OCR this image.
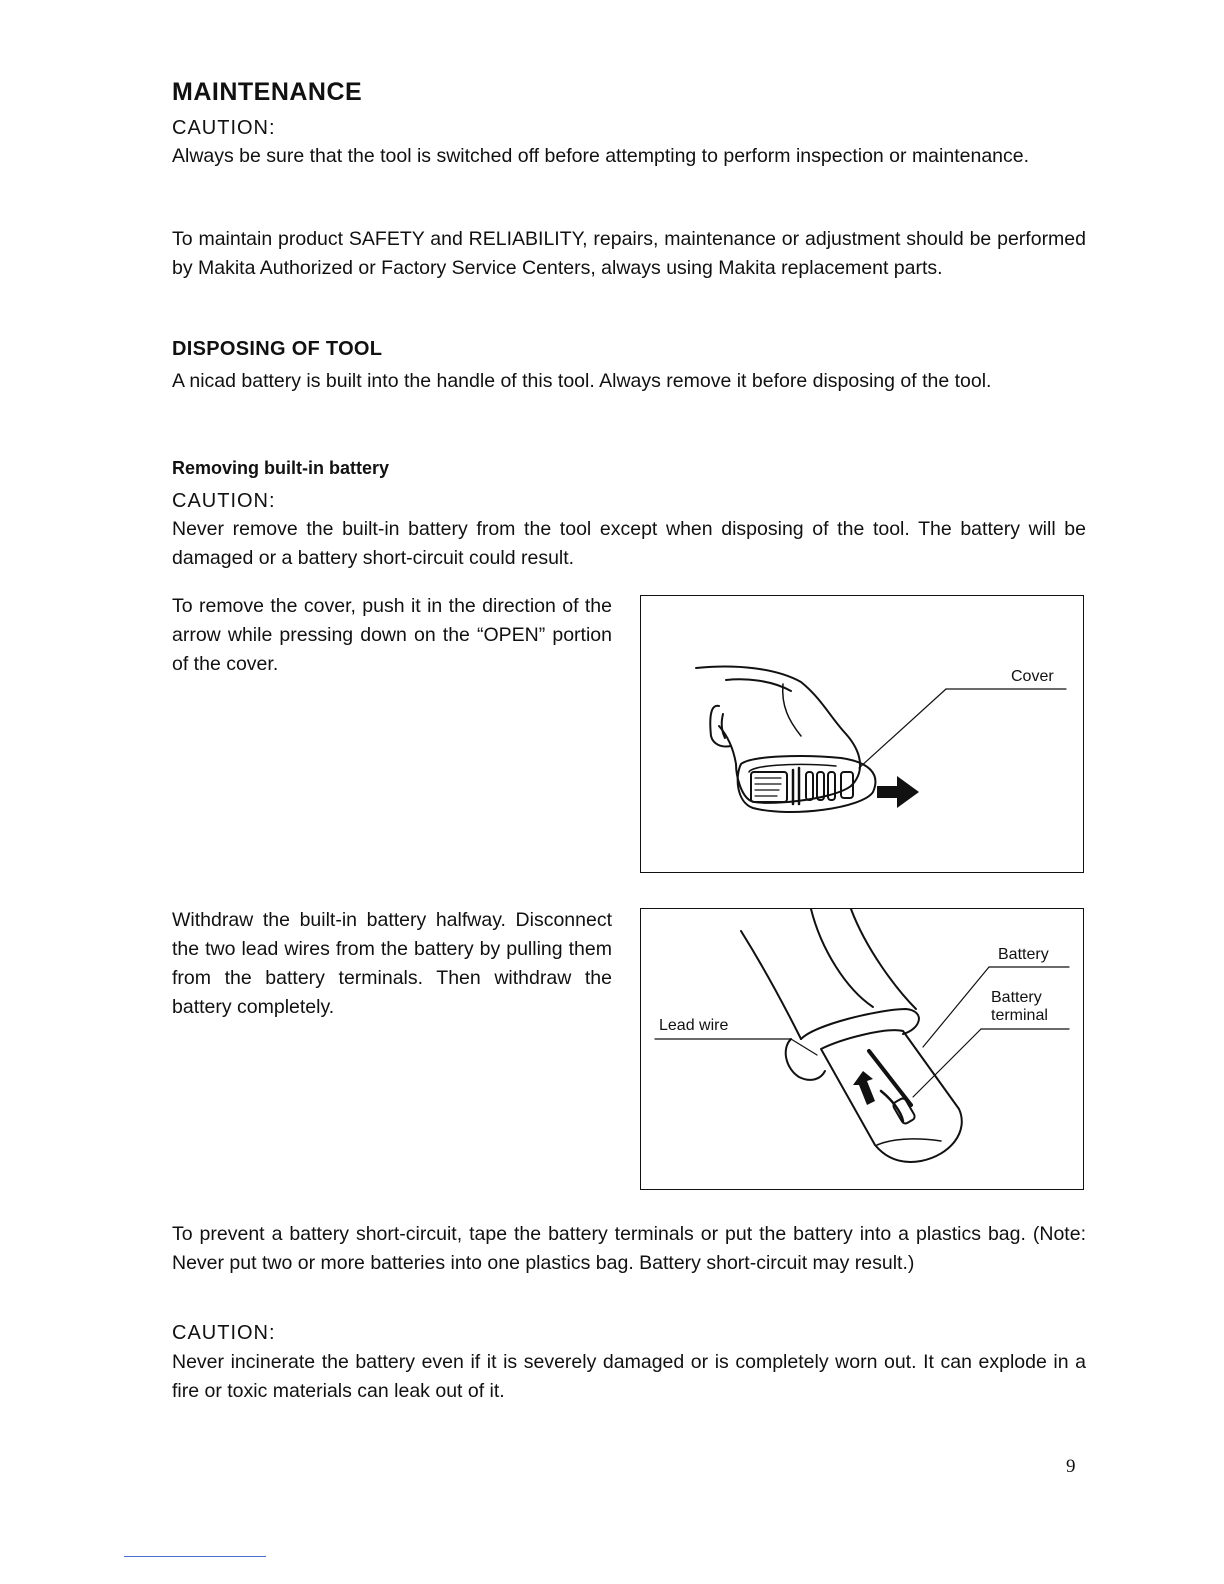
MAINTENANCE
CAUTION:

Always be sure that the tool is switched off before attempting to perform inspection or maintenance.

To maintain product SAFETY and RELIABILITY, repairs, maintenance or adjustment should be performed by Makita Authorized or Factory Service Centers, always using Makita replacement parts.

DISPOSING OF TOOL

A nicad battery is built into the handle of this tool. Always remove it before disposing of the tool.

Removing built-in battery
CAUTION:

Never remove the built-in battery from the tool except when disposing of the tool. The battery will be damaged or a battery short-circuit could result.

To remove the cover, push it in the direction of the arrow while pressing down on the “OPEN” portion of the cover.

Cover

Withdraw the built-in battery halfway. Disconnect the two lead wires from the battery by pulling them from the battery terminals. Then withdraw the battery completely.

Battery
Battery
terminal
Lead wire

To prevent a battery short-circuit, tape the battery terminals or put the battery into a plastics bag. (Note: Never put two or more batteries into one plastics bag. Battery short-circuit may result.)

CAUTION:

Never incinerate the battery even if it is severely damaged or is completely worn out. It can explode in a fire or toxic materials can leak out of it.

9
